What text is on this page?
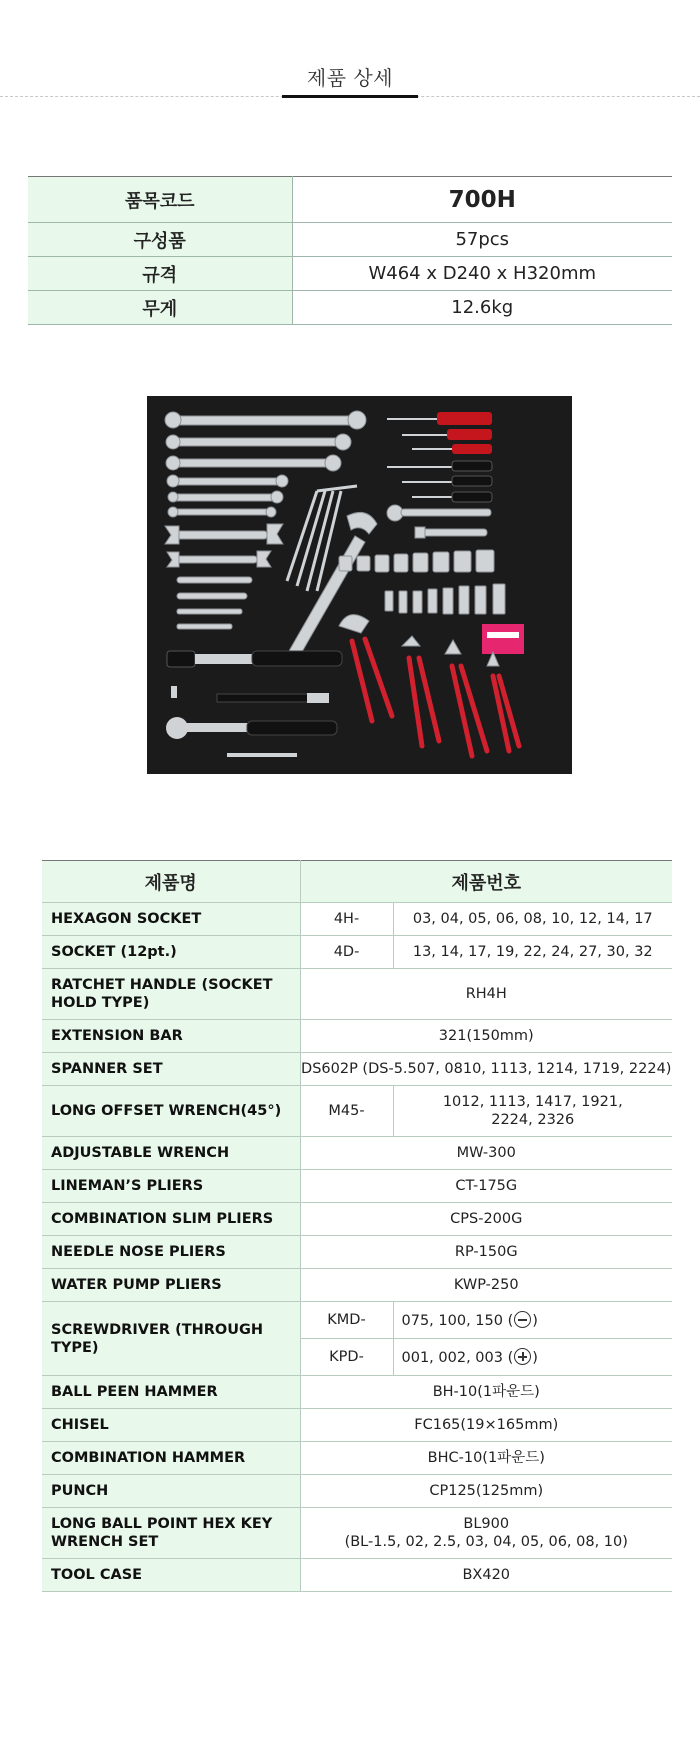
제품 상세
품목코드	700H
구성품	57pcs
규격	W464 x D240 x H320mm
무게	12.6kg
제품명	제품번호	
HEXAGON SOCKET	4H-	03, 04, 05, 06, 08, 10, 12, 14, 17
SOCKET (12pt.)	4D-	13, 14, 17, 19, 22, 24, 27, 30, 32
RATCHET HANDLE (SOCKET
HOLD TYPE)	RH4H	
EXTENSION BAR	321(150mm)	
SPANNER SET	DS602P (DS-5.507, 0810, 1113, 1214, 1719, 2224)	
LONG OFFSET WRENCH(45°)	M45-	1012, 1113, 1417, 1921,
2224, 2326
ADJUSTABLE WRENCH	MW-300	
LINEMAN’S PLIERS	CT-175G	
COMBINATION SLIM PLIERS	CPS-200G	
NEEDLE NOSE PLIERS	RP-150G	
WATER PUMP PLIERS	KWP-250	
SCREWDRIVER (THROUGH
TYPE)	KMD-	075, 100, 150 ( )
	KPD-	001, 002, 003 ( )
BALL PEEN HAMMER	BH-10(1파운드)	
CHISEL	FC165(19×165mm)	
COMBINATION HAMMER	BHC-10(1파운드)	
PUNCH	CP125(125mm)	
LONG BALL POINT HEX KEY
WRENCH SET	BL900
(BL-1.5, 02, 2.5, 03, 04, 05, 06, 08, 10)	
TOOL CASE	BX420	
